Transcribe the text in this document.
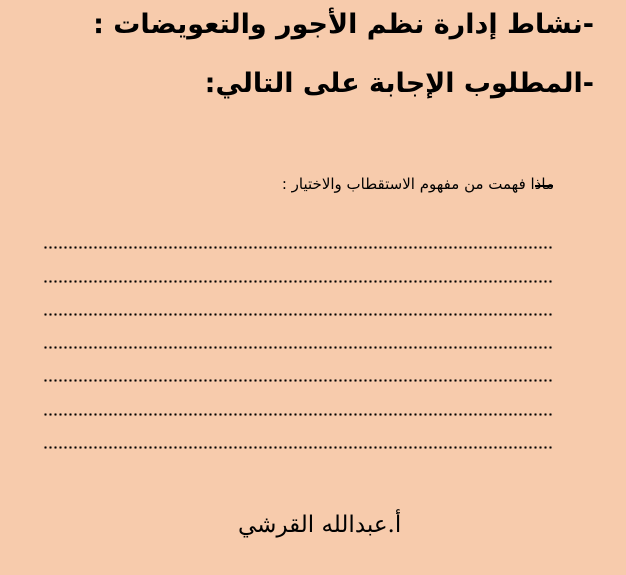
-نشاط إدارة نظم الأجور والتعويضات :
-المطلوب الإجابة على التالي:
ماذا فهمت من مفهوم الاستقطاب والاختيار :
أ.عبدالله القرشي
